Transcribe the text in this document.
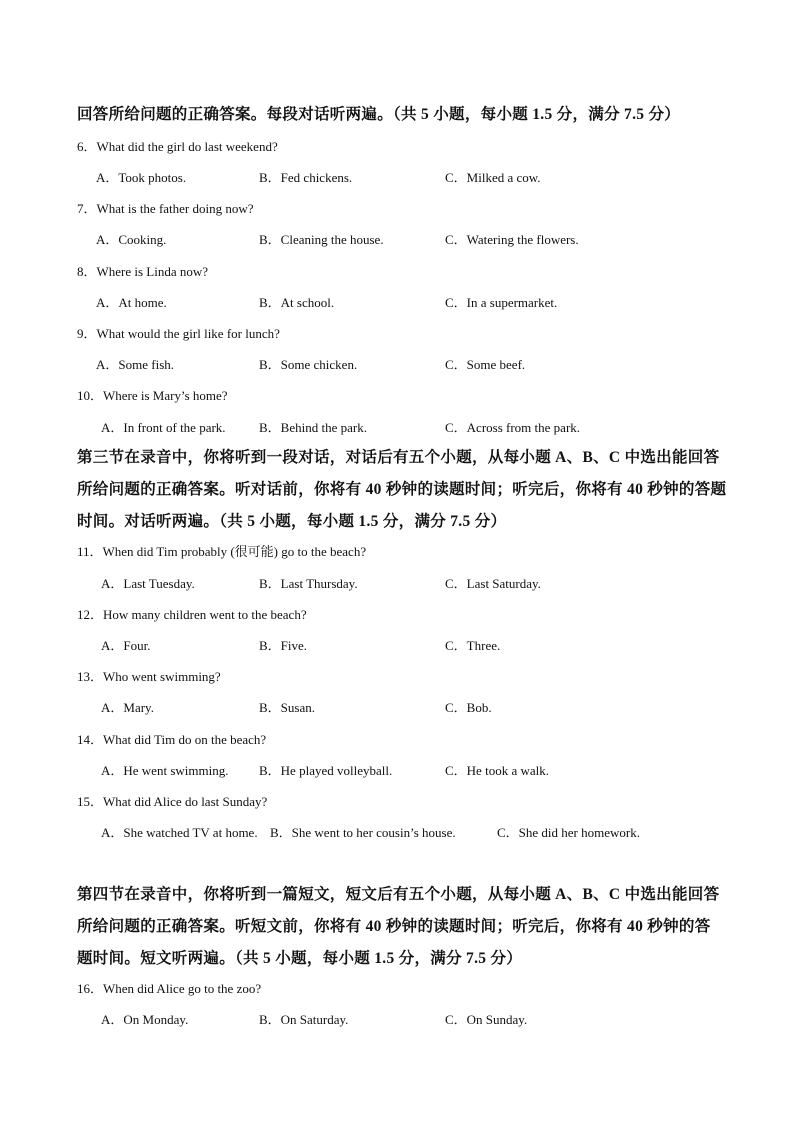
回答所给问题的正确答案。每段对话听两遍。（共 5 小题，每小题 1.5 分，满分 7.5 分）
6．What did the girl do last weekend?
A．Took photos.	B．Fed chickens.	C．Milked a cow.
7．What is the father doing now?
A．Cooking.	B．Cleaning the house.	C．Watering the flowers.
8．Where is Linda now?
A．At home.	B．At school.	C．In a supermarket.
9．What would the girl like for lunch?
A．Some fish.	B．Some chicken.	C．Some beef.
10．Where is Mary’s home?
A．In front of the park.	B．Behind the park.	C．Across from the park.
第三节在录音中，你将听到一段对话，对话后有五个小题，从每小题 A、B、C 中选出能回答
所给问题的正确答案。听对话前，你将有 40 秒钟的读题时间；听完后，你将有 40 秒钟的答题
时间。对话听两遍。（共 5 小题，每小题 1.5 分，满分 7.5 分）
11．When did Tim probably (很可能) go to the beach?
A．Last Tuesday.	B．Last Thursday.	C．Last Saturday.
12．How many children went to the beach?
A．Four.	B．Five.	C．Three.
13．Who went swimming?
A．Mary.	B．Susan.	C．Bob.
14．What did Tim do on the beach?
A．He went swimming. B．He played volleyball.	C．He took a walk.
15．What did Alice do last Sunday?
A．She watched TV at home. B．She went to her cousin’s house.	C．She did her homework.
第四节在录音中，你将听到一篇短文，短文后有五个小题，从每小题 A、B、C 中选出能回答
所给问题的正确答案。听短文前，你将有 40 秒钟的读题时间；听完后，你将有 40 秒钟的答
题时间。短文听两遍。（共 5 小题，每小题 1.5 分，满分 7.5 分）
16．When did Alice go to the zoo?
A．On Monday.	B．On Saturday.	C．On Sunday.
